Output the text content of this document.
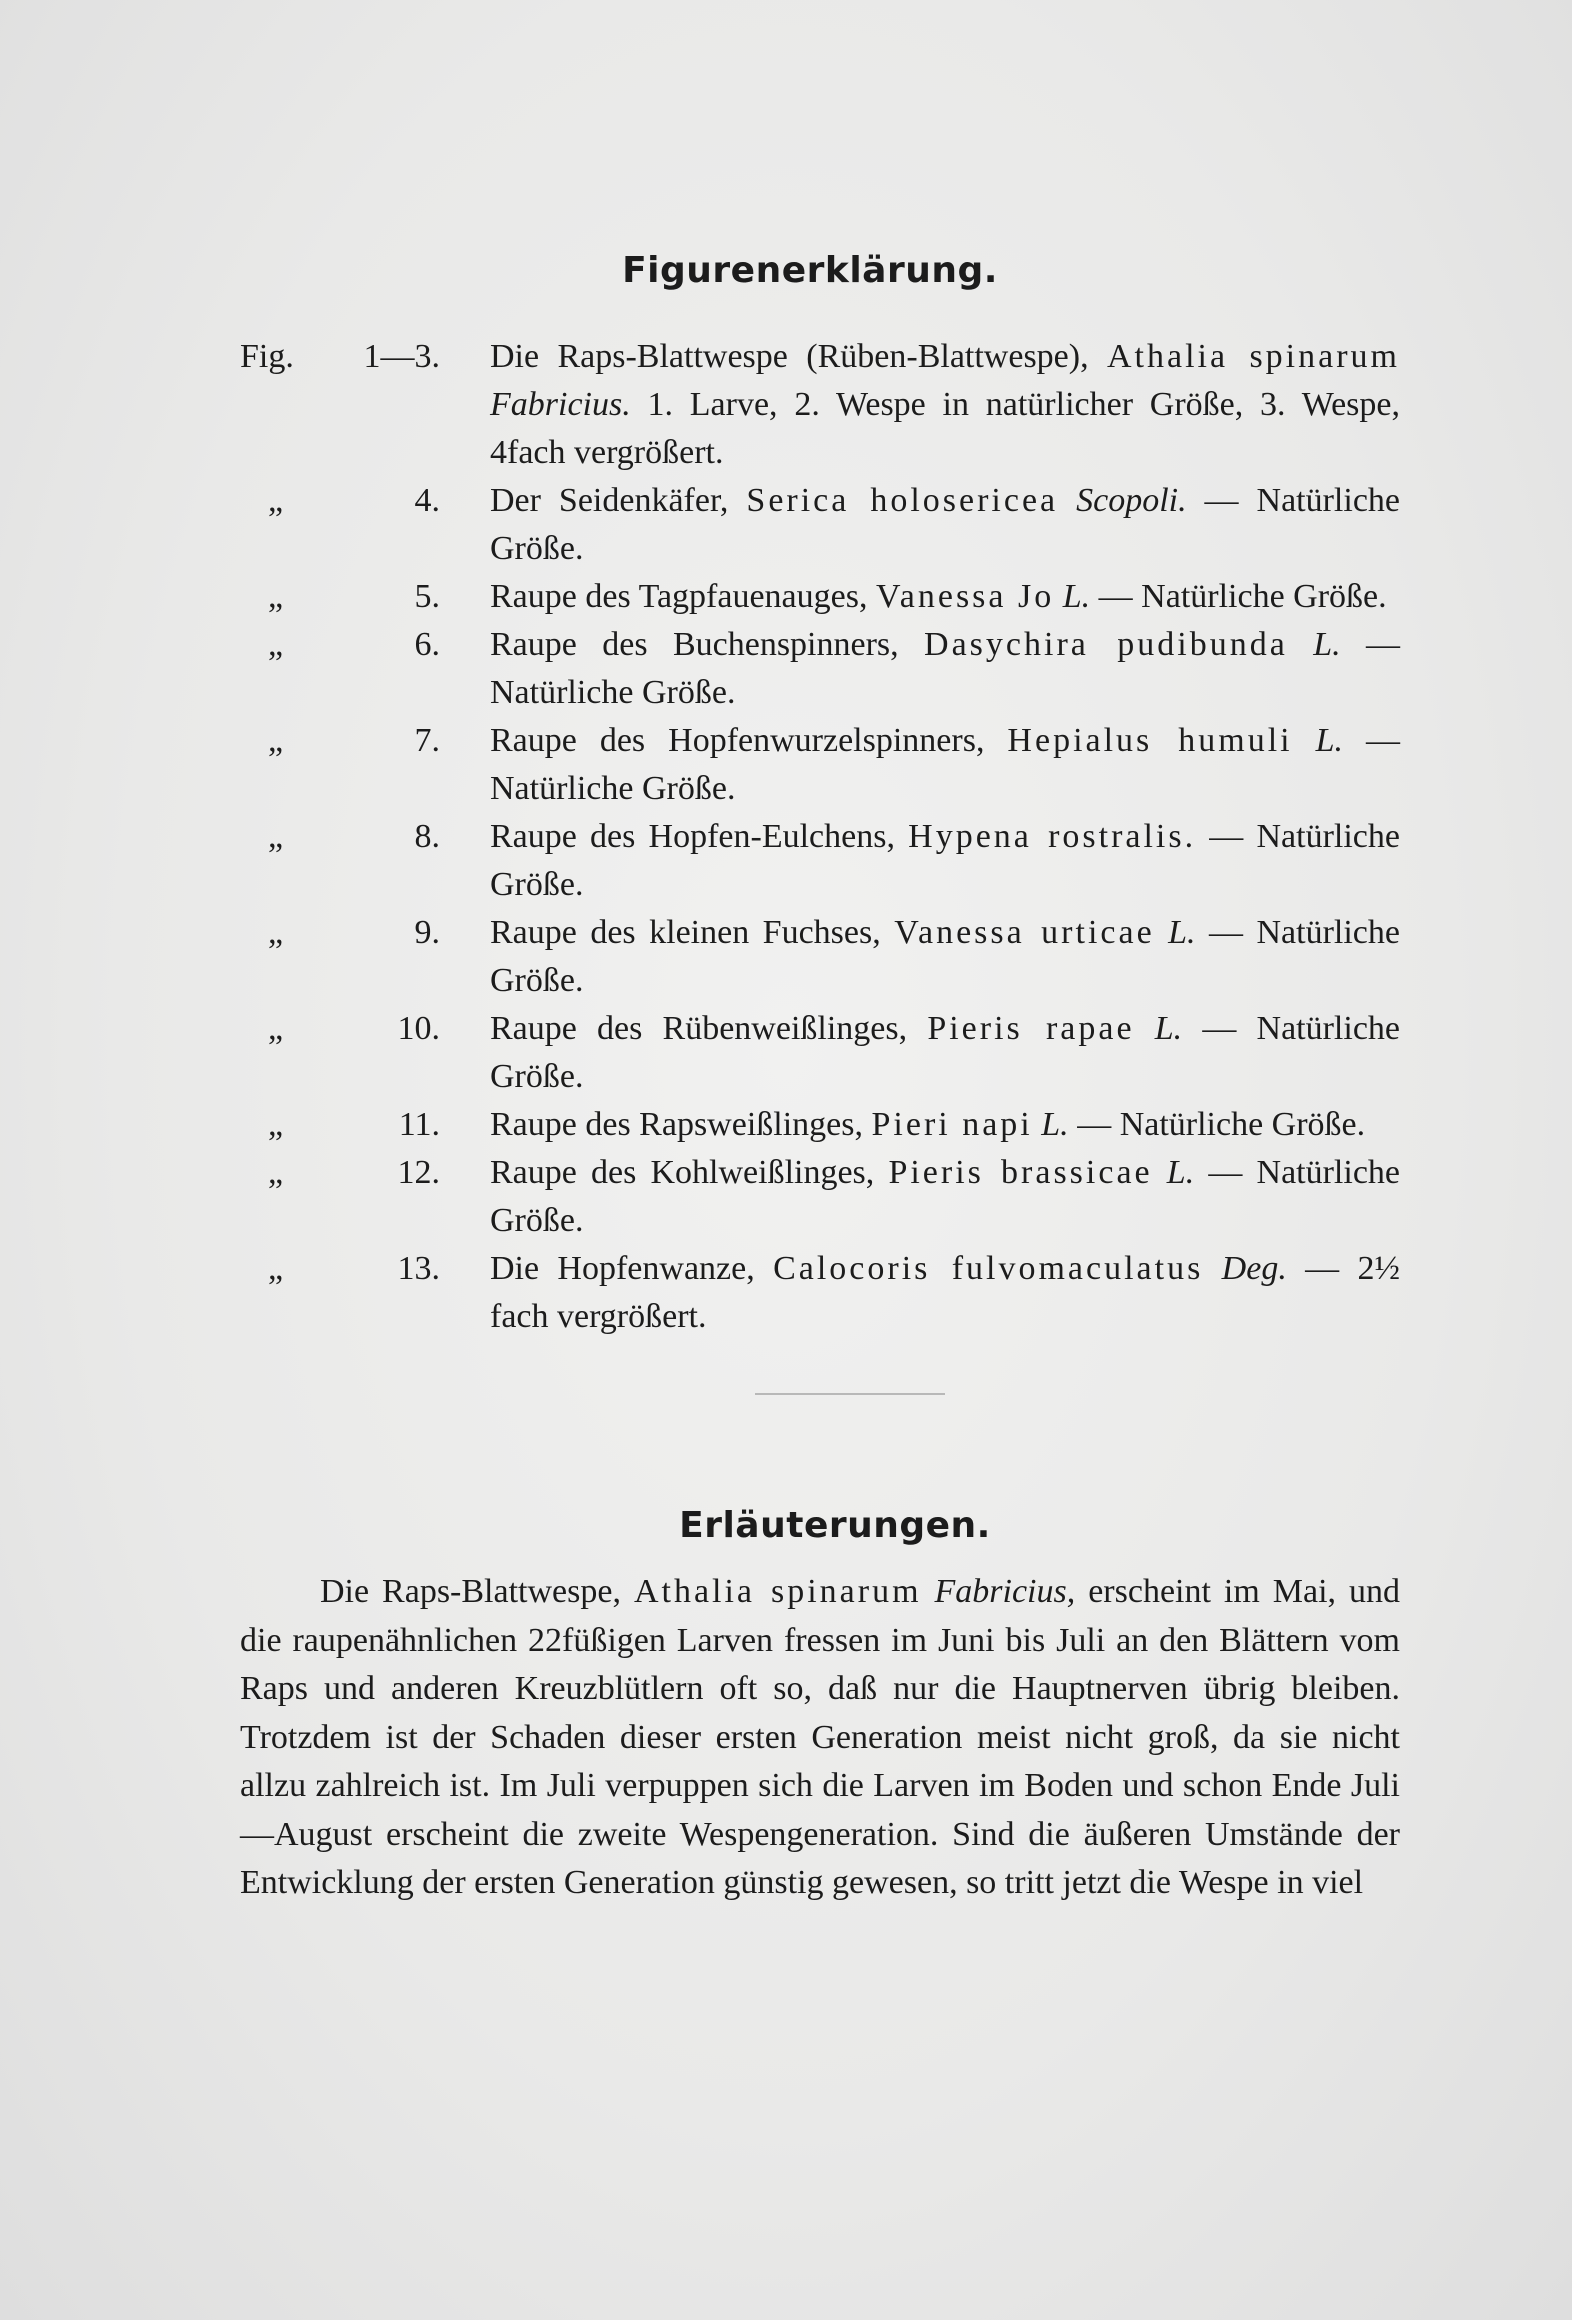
Figurenerklärung.
Fig.	1—3.	Die Raps-Blattwespe (Rüben-Blattwespe), Athalia spinarum Fabricius. 1. Larve, 2. Wespe in natürlicher Größe, 3. Wespe, 4fach vergrößert.
„	4.	Der Seidenkäfer, Serica holosericea Scopoli. — Natürliche Größe.
„	5.	Raupe des Tagpfauenauges, Vanessa Jo L. — Natürliche Größe.
„	6.	Raupe des Buchenspinners, Dasychira pudibunda L. — Natürliche Größe.
„	7.	Raupe des Hopfenwurzelspinners, Hepialus humuli L. — Natürliche Größe.
„	8.	Raupe des Hopfen-Eulchens, Hypena rostralis. — Natürliche Größe.
„	9.	Raupe des kleinen Fuchses, Vanessa urticae L. — Natürliche Größe.
„	10.	Raupe des Rübenweißlinges, Pieris rapae L. — Natürliche Größe.
„	11.	Raupe des Rapsweißlinges, Pieri napi L. — Natürliche Größe.
„	12.	Raupe des Kohlweißlinges, Pieris brassicae L. — Natürliche Größe.
„	13.	Die Hopfenwanze, Calocoris fulvomaculatus Deg. — 2½ fach vergrößert.
Erläuterungen.

Die Raps-Blattwespe, Athalia spinarum Fabricius, erscheint im Mai, und die raupenähnlichen 22füßigen Larven fressen im Juni bis Juli an den Blättern vom Raps und anderen Kreuzblütlern oft so, daß nur die Hauptnerven übrig bleiben. Trotzdem ist der Schaden dieser ersten Generation meist nicht groß, da sie nicht allzu zahlreich ist. Im Juli verpuppen sich die Larven im Boden und schon Ende Juli—August erscheint die zweite Wespengeneration. Sind die äußeren Umstände der Entwicklung der ersten Generation günstig gewesen, so tritt jetzt die Wespe in viel
